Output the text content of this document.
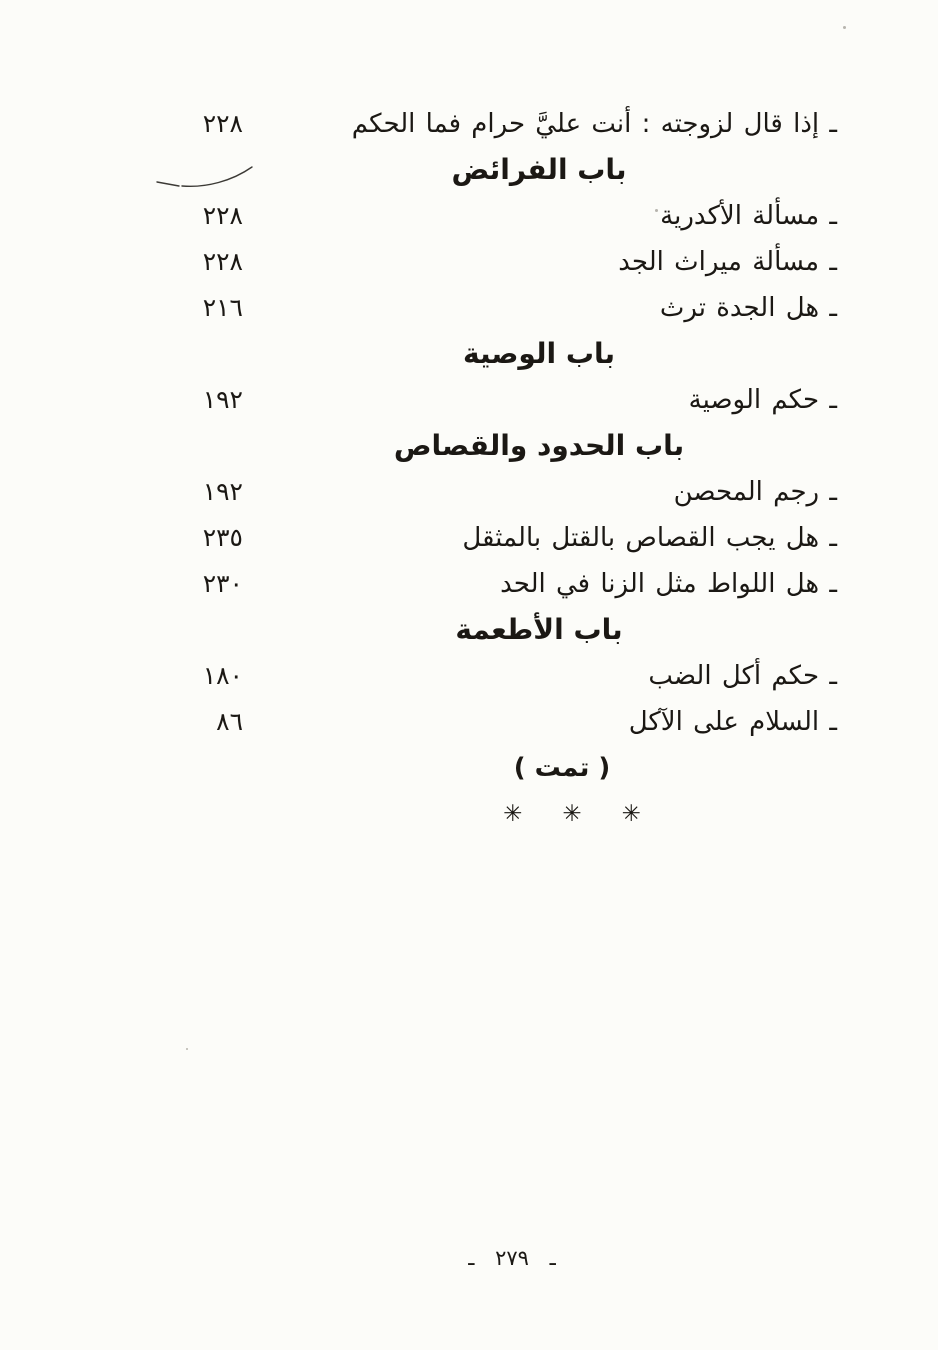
ـ إذا قال لزوجته : أنت عليَّ حرام فما الحكم
٢٢٨
باب الفرائض
ـ مسألة الأكدرية
٢٢٨
ـ مسألة ميراث الجد
٢٢٨
ـ هل الجدة ترث
٢١٦
باب الوصية
ـ حكم الوصية
١٩٢
باب الحدود والقصاص
ـ رجم المحصن
١٩٢
ـ هل يجب القصاص بالقتل بالمثقل
٢٣٥
ـ هل اللواط مثل الزنا في الحد
٢٣٠
باب الأطعمة
ـ حكم أكل الضب
١٨٠
ـ السلام على الآكل
٨٦
( تمت )
✳ ✳ ✳
ـ ٢٧٩ ـ
